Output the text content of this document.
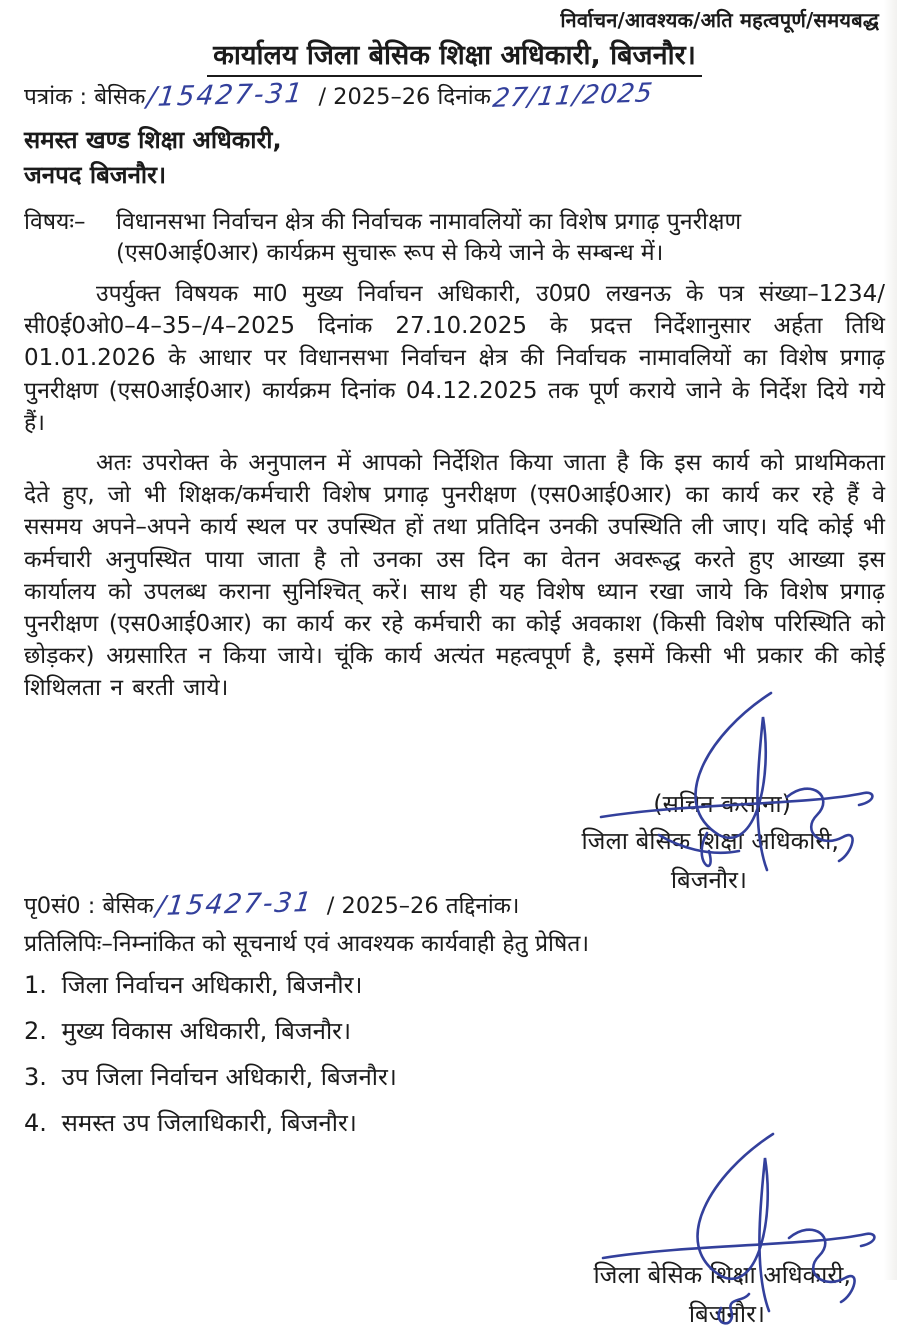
निर्वाचन/आवश्यक/अति महत्वपूर्ण/समयबद्ध
कार्यालय जिला बेसिक शिक्षा अधिकारी, बिजनौर।
पत्रांक : बेसिक/15427-31 / 2025–26 दिनांक27/11/2025
समस्त खण्ड शिक्षा अधिकारी,
जनपद बिजनौर।
विषयः–	विधानसभा निर्वाचन क्षेत्र की निर्वाचक नामावलियों का विशेष प्रगाढ़ पुनरीक्षण (एस0आई0आर) कार्यक्रम सुचारू रूप से किये जाने के सम्बन्ध में।

उपर्युक्त विषयक मा0 मुख्य निर्वाचन अधिकारी, उ0प्र0 लखनऊ के पत्र संख्या–1234/सी0ई0ओ0–4–35–/4–2025 दिनांक 27.10.2025 के प्रदत्त निर्देशानुसार अर्हता तिथि 01.01.2026 के आधार पर विधानसभा निर्वाचन क्षेत्र की निर्वाचक नामावलियों का विशेष प्रगाढ़ पुनरीक्षण (एस0आई0आर) कार्यक्रम दिनांक 04.12.2025 तक पूर्ण कराये जाने के निर्देश दिये गये हैं।

अतः उपरोक्त के अनुपालन में आपको निर्देशित किया जाता है कि इस कार्य को प्राथमिकता देते हुए, जो भी शिक्षक/कर्मचारी विशेष प्रगाढ़ पुनरीक्षण (एस0आई0आर) का कार्य कर रहे हैं वे ससमय अपने–अपने कार्य स्थल पर उपस्थित हों तथा प्रतिदिन उनकी उपस्थिति ली जाए। यदि कोई भी कर्मचारी अनुपस्थित पाया जाता है तो उनका उस दिन का वेतन अवरूद्ध करते हुए आख्या इस कार्यालय को उपलब्ध कराना सुनिश्चित् करें। साथ ही यह विशेष ध्यान रखा जाये कि विशेष प्रगाढ़ पुनरीक्षण (एस0आई0आर) का कार्य कर रहे कर्मचारी का कोई अवकाश (किसी विशेष परिस्थिति को छोड़कर) अग्रसारित न किया जाये। चूंकि कार्य अत्यंत महत्वपूर्ण है, इसमें किसी भी प्रकार की कोई शिथिलता न बरती जाये।

(सचिन कसाना)
जिला बेसिक शिक्षा अधिकारी,
बिजनौर।
पृ0सं0 : बेसिक/15427-31 / 2025–26 तद्दिनांक।
प्रतिलिपिः–निम्नांकित को सूचनार्थ एवं आवश्यक कार्यवाही हेतु प्रेषित।
1. जिला निर्वाचन अधिकारी, बिजनौर।
2. मुख्य विकास अधिकारी, बिजनौर।
3. उप जिला निर्वाचन अधिकारी, बिजनौर।
4. समस्त उप जिलाधिकारी, बिजनौर।
जिला बेसिक शिक्षा अधिकारी,
बिजनौर।
